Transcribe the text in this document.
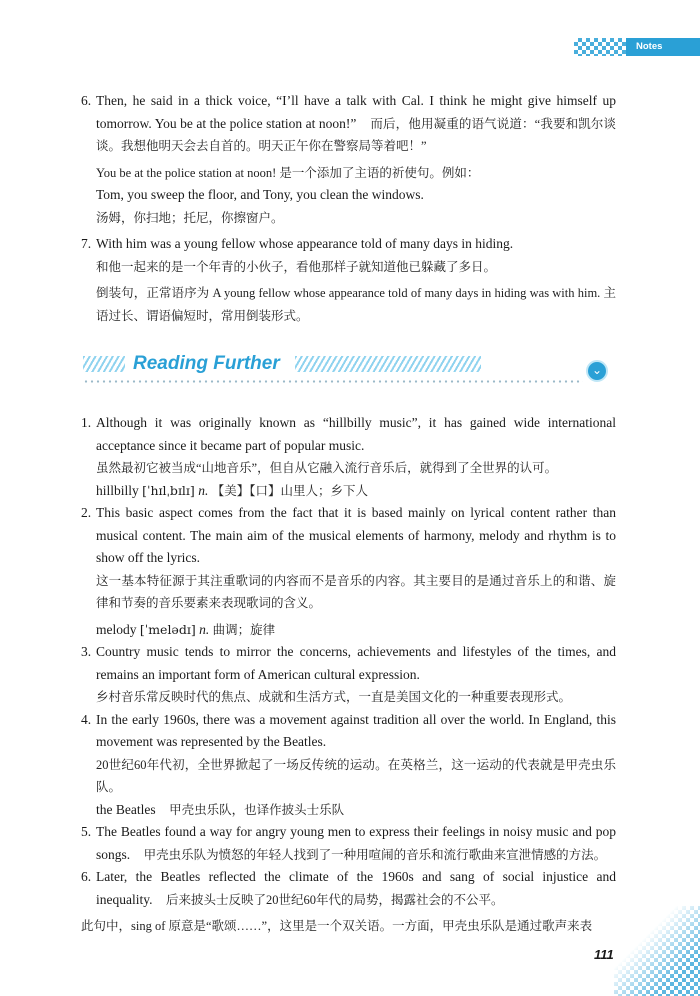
Notes
6. Then, he said in a thick voice, “I’ll have a talk with Cal. I think he might give himself up tomorrow. You be at the police station at noon!” 而后，他用凝重的语气说道：“我要和凯尔谈谈。我想他明天会去自首的。明天正午你在警察局等着吧！”

You be at the police station at noon! 是一个添加了主语的祈使句。例如：

Tom, you sweep the floor, and Tony, you clean the windows.

汤姆，你扫地；托尼，你擦窗户。

7. With him was a young fellow whose appearance told of many days in hiding.

和他一起来的是一个年青的小伙子，看他那样子就知道他已躲藏了多日。

倒装句，正常语序为 A young fellow whose appearance told of many days in hiding was with him. 主语过长、谓语偏短时，常用倒装形式。

Reading Further	⌄
1. Although it was originally known as “hillbilly music”, it has gained wide international acceptance since it became part of popular music.

虽然最初它被当成“山地音乐”，但自从它融入流行音乐后，就得到了全世界的认可。

hillbilly [ˈhɪlˌbɪlɪ] n. 【美】【口】山里人；乡下人

2. This basic aspect comes from the fact that it is based mainly on lyrical content rather than musical content. The main aim of the musical elements of harmony, melody and rhythm is to show off the lyrics.

这一基本特征源于其注重歌词的内容而不是音乐的内容。其主要目的是通过音乐上的和谐、旋律和节奏的音乐要素来表现歌词的含义。

melody [ˈmelədɪ] n. 曲调；旋律

3. Country music tends to mirror the concerns, achievements and lifestyles of the times, and remains an important form of American cultural expression.

乡村音乐常反映时代的焦点、成就和生活方式，一直是美国文化的一种重要表现形式。

4. In the early 1960s, there was a movement against tradition all over the world. In England, this movement was represented by the Beatles.

20世纪60年代初，全世界掀起了一场反传统的运动。在英格兰，这一运动的代表就是甲壳虫乐队。

the Beatles 甲壳虫乐队，也译作披头士乐队

5. The Beatles found a way for angry young men to express their feelings in noisy music and pop songs. 甲壳虫乐队为愤怒的年轻人找到了一种用喧闹的音乐和流行歌曲来宣泄情感的方法。

6. Later, the Beatles reflected the climate of the 1960s and sang of social injustice and inequality. 后来披头士反映了20世纪60年代的局势，揭露社会的不公平。

此句中，sing of 原意是“歌颂……”，这里是一个双关语。一方面，甲壳虫乐队是通过歌声来表

111
